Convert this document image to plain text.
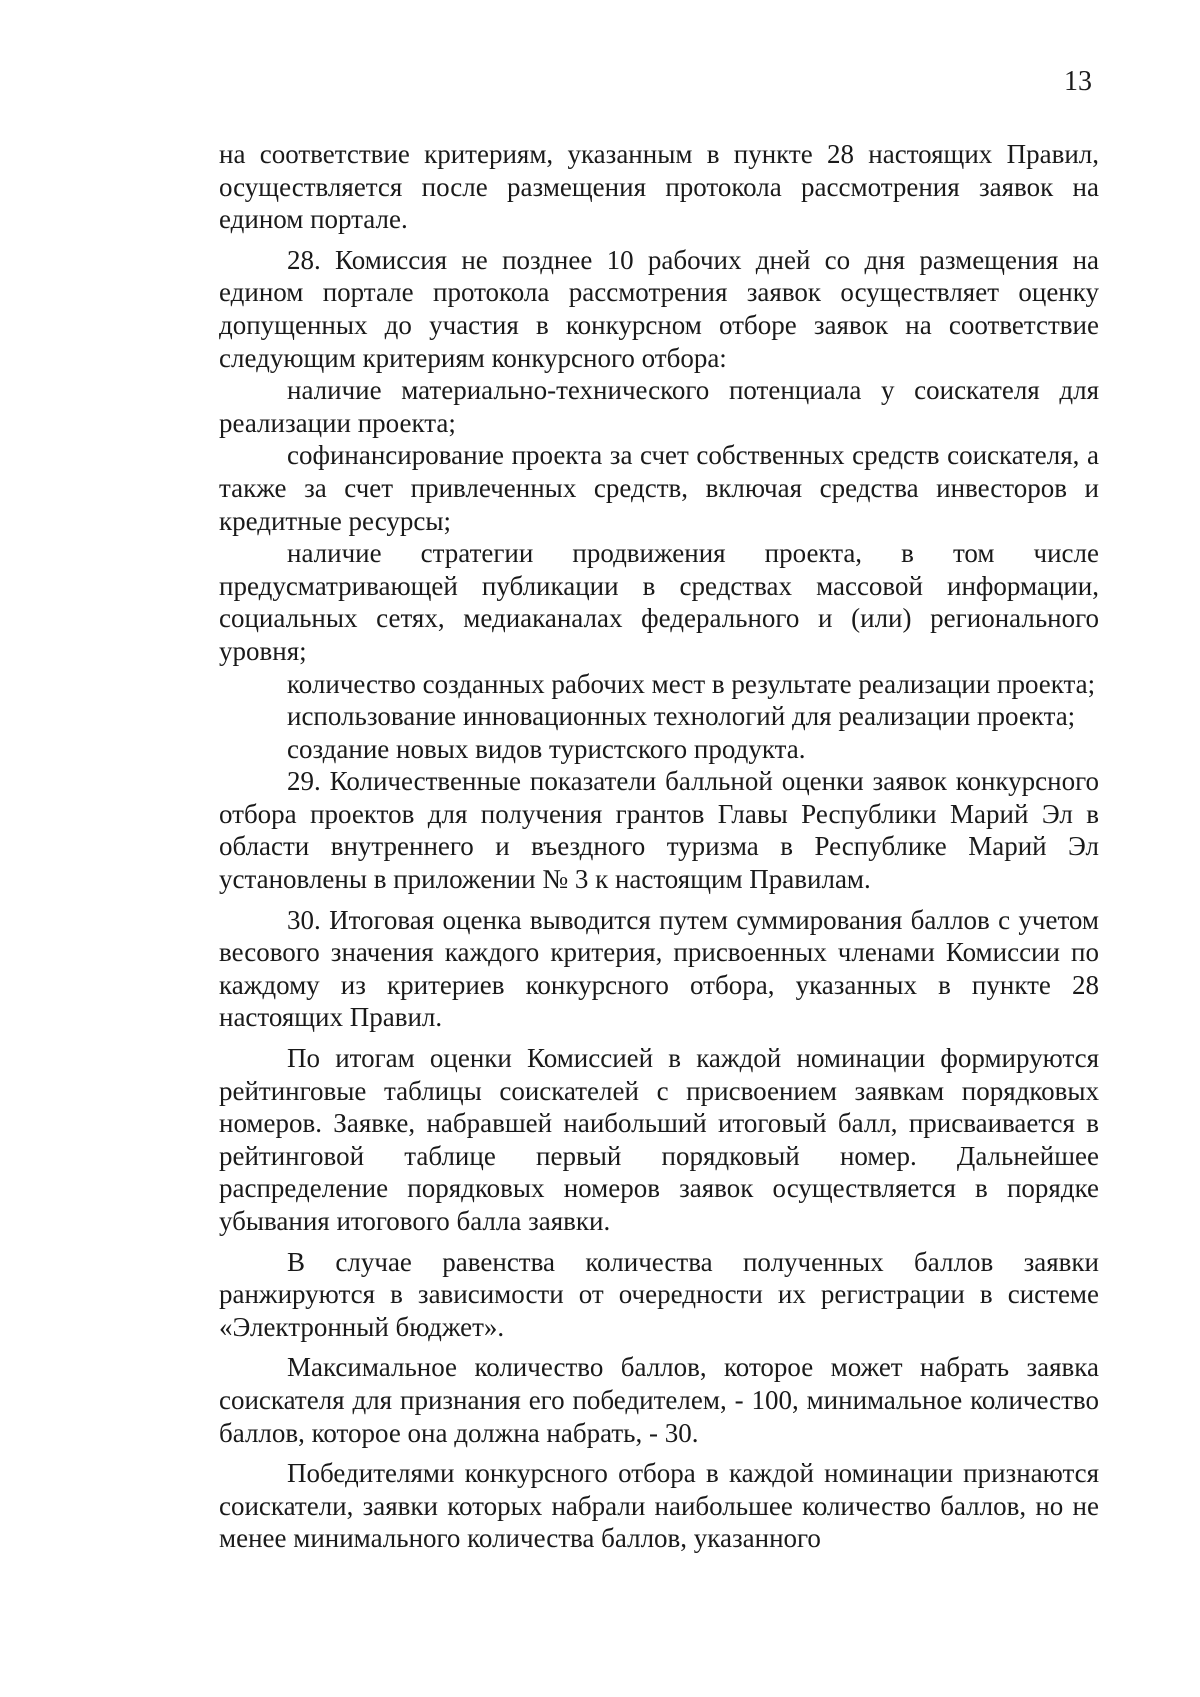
13

на соответствие критериям, указанным в пункте 28 настоящих Правил, осуществляется после размещения протокола рассмотрения заявок на едином портале.

28. Комиссия не позднее 10 рабочих дней со дня размещения на едином портале протокола рассмотрения заявок осуществляет оценку допущенных до участия в конкурсном отборе заявок на соответствие следующим критериям конкурсного отбора:

наличие материально-технического потенциала у соискателя для реализации проекта;

софинансирование проекта за счет собственных средств соискателя, а также за счет привлеченных средств, включая средства инвесторов и кредитные ресурсы;

наличие стратегии продвижения проекта, в том числе предусматривающей публикации в средствах массовой информации, социальных сетях, медиаканалах федерального и (или) регионального уровня;

количество созданных рабочих мест в результате реализации проекта;

использование инновационных технологий для реализации проекта;

создание новых видов туристского продукта.

29. Количественные показатели балльной оценки заявок конкурсного отбора проектов для получения грантов Главы Республики Марий Эл в области внутреннего и въездного туризма в Республике Марий Эл установлены в приложении № 3 к настоящим Правилам.

30. Итоговая оценка выводится путем суммирования баллов с учетом весового значения каждого критерия, присвоенных членами Комиссии по каждому из критериев конкурсного отбора, указанных в пункте 28 настоящих Правил.

По итогам оценки Комиссией в каждой номинации формируются рейтинговые таблицы соискателей с присвоением заявкам порядковых номеров. Заявке, набравшей наибольший итоговый балл, присваивается в рейтинговой таблице первый порядковый номер. Дальнейшее распределение порядковых номеров заявок осуществляется в порядке убывания итогового балла заявки.

В случае равенства количества полученных баллов заявки ранжируются в зависимости от очередности их регистрации в системе «Электронный бюджет».

Максимальное количество баллов, которое может набрать заявка соискателя для признания его победителем, - 100, минимальное количество баллов, которое она должна набрать, - 30.

Победителями конкурсного отбора в каждой номинации признаются соискатели, заявки которых набрали наибольшее количество баллов, но не менее минимального количества баллов, указанного
